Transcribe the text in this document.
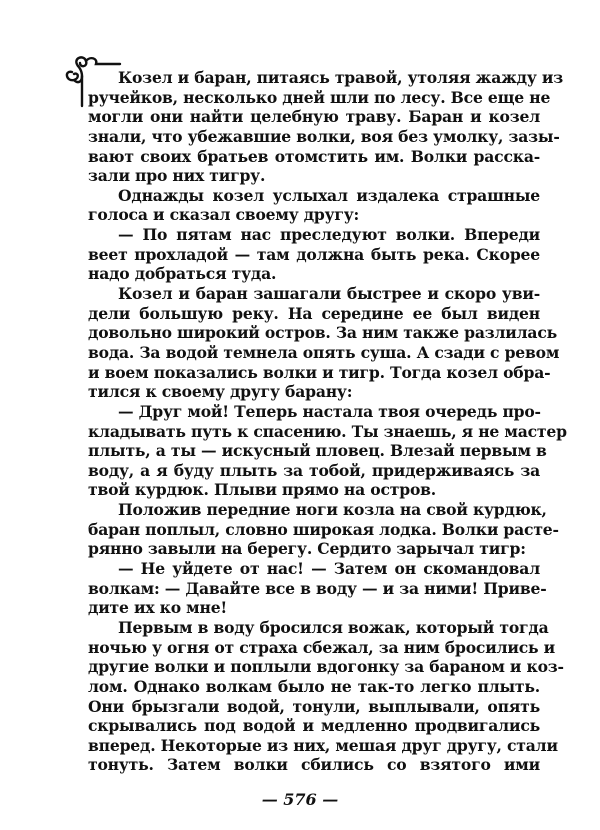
Козел и баран, питаясь травой, утоляя жажду из
ручейков, несколько дней шли по лесу. Все еще не
могли они найти целебную траву. Баран и козел
знали, что убежавшие волки, воя без умолку, зазы-
вают своих братьев отомстить им. Волки расска-
зали про них тигру.
Однажды козел услыхал издалека страшные
голоса и сказал своему другу:
— По пятам нас преследуют волки. Впереди
веет прохладой — там должна быть река. Скорее
надо добраться туда.
Козел и баран зашагали быстрее и скоро уви-
дели большую реку. На середине ее был виден
довольно широкий остров. За ним также разлилась
вода. За водой темнела опять суша. А сзади с ревом
и воем показались волки и тигр. Тогда козел обра-
тился к своему другу барану:
— Друг мой! Теперь настала твоя очередь про-
кладывать путь к спасению. Ты знаешь, я не мастер
плыть, а ты — искусный пловец. Влезай первым в
воду, а я буду плыть за тобой, придерживаясь за
твой курдюк. Плыви прямо на остров.
Положив передние ноги козла на свой курдюк,
баран поплыл, словно широкая лодка. Волки расте-
рянно завыли на берегу. Сердито зарычал тигр:
— Не уйдете от нас! — Затем он скомандовал
волкам: — Давайте все в воду — и за ними! Приве-
дите их ко мне!
Первым в воду бросился вожак, который тогда
ночью у огня от страха сбежал, за ним бросились и
другие волки и поплыли вдогонку за бараном и коз-
лом. Однако волкам было не так-то легко плыть.
Они брызгали водой, тонули, выплывали, опять
скрывались под водой и медленно продвигались
вперед. Некоторые из них, мешая друг другу, стали
тонуть. Затем волки сбились со взятого ими
— 576 —
